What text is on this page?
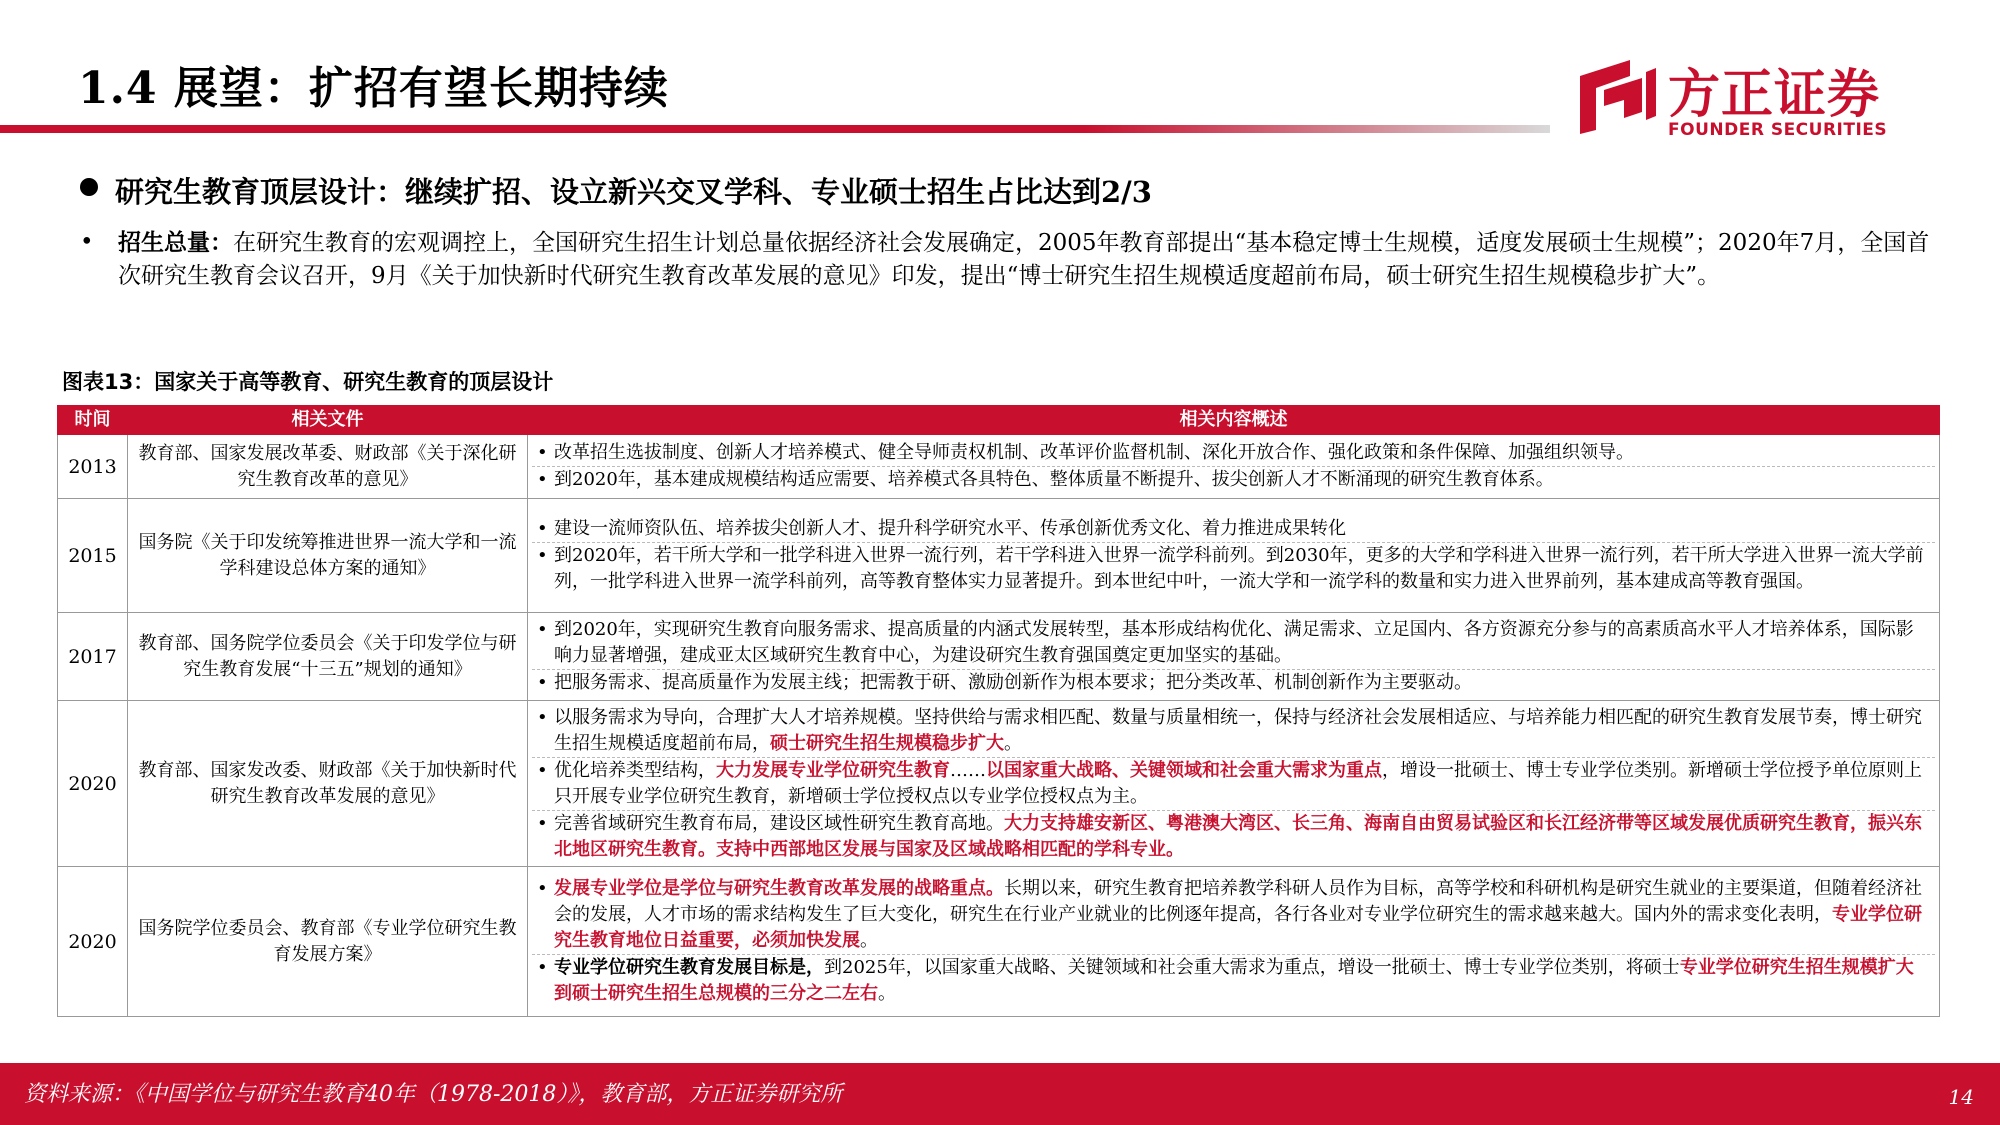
1.4 展望：扩招有望长期持续	方正证券
FOUNDER SECURITIES
研究生教育顶层设计：继续扩招、设立新兴交叉学科、专业硕士招生占比达到2/3
• 招生总量：在研究生教育的宏观调控上，全国研究生招生计划总量依据经济社会发展确定，2005年教育部提出“基本稳定博士生规模，适度发展硕士生规模”；2020年7月，全国首次研究生教育会议召开，9月《关于加快新时代研究生教育改革发展的意见》印发，提出“博士研究生招生规模适度超前布局，硕士研究生招生规模稳步扩大”。
图表13：国家关于高等教育、研究生教育的顶层设计
时间	相关文件	相关内容概述
2013	教育部、国家发展改革委、财政部《关于深化研究生教育改革的意见》	• 改革招生选拔制度、创新人才培养模式、健全导师责权机制、改革评价监督机制、深化开放合作、强化政策和条件保障、加强组织领导。
• 到2020年，基本建成规模结构适应需要、培养模式各具特色、整体质量不断提升、拔尖创新人才不断涌现的研究生教育体系。

2015	国务院《关于印发统筹推进世界一流大学和一流学科建设总体方案的通知》	• 建设一流师资队伍、培养拔尖创新人才、提升科学研究水平、传承创新优秀文化、着力推进成果转化
• 到2020年，若干所大学和一批学科进入世界一流行列，若干学科进入世界一流学科前列。到2030年，更多的大学和学科进入世界一流行列，若干所大学进入世界一流大学前列，一批学科进入世界一流学科前列，高等教育整体实力显著提升。到本世纪中叶，一流大学和一流学科的数量和实力进入世界前列，基本建成高等教育强国。

2017	教育部、国务院学位委员会《关于印发学位与研究生教育发展“十三五”规划的通知》	• 到2020年，实现研究生教育向服务需求、提高质量的内涵式发展转型，基本形成结构优化、满足需求、立足国内、各方资源充分参与的高素质高水平人才培养体系，国际影响力显著增强，建成亚太区域研究生教育中心，为建设研究生教育强国奠定更加坚实的基础。
• 把服务需求、提高质量作为发展主线；把需教于研、激励创新作为根本要求；把分类改革、机制创新作为主要驱动。

2020	教育部、国家发改委、财政部《关于加快新时代研究生教育改革发展的意见》	• 以服务需求为导向，合理扩大人才培养规模。坚持供给与需求相匹配、数量与质量相统一，保持与经济社会发展相适应、与培养能力相匹配的研究生教育发展节奏，博士研究生招生规模适度超前布局，硕士研究生招生规模稳步扩大。
• 优化培养类型结构，大力发展专业学位研究生教育……以国家重大战略、关键领域和社会重大需求为重点，增设一批硕士、博士专业学位类别。新增硕士学位授予单位原则上只开展专业学位研究生教育，新增硕士学位授权点以专业学位授权点为主。
• 完善省域研究生教育布局，建设区域性研究生教育高地。大力支持雄安新区、粤港澳大湾区、长三角、海南自由贸易试验区和长江经济带等区域发展优质研究生教育，振兴东北地区研究生教育。支持中西部地区发展与国家及区域战略相匹配的学科专业。

2020	国务院学位委员会、教育部《专业学位研究生教育发展方案》	• 发展专业学位是学位与研究生教育改革发展的战略重点。长期以来，研究生教育把培养教学科研人员作为目标，高等学校和科研机构是研究生就业的主要渠道，但随着经济社会的发展，人才市场的需求结构发生了巨大变化，研究生在行业产业就业的比例逐年提高，各行各业对专业学位研究生的需求越来越大。国内外的需求变化表明，专业学位研究生教育地位日益重要，必须加快发展。
• 专业学位研究生教育发展目标是，到2025年，以国家重大战略、关键领域和社会重大需求为重点，增设一批硕士、博士专业学位类别，将硕士专业学位研究生招生规模扩大到硕士研究生招生总规模的三分之二左右。
资料来源：《中国学位与研究生教育40年（1978-2018）》，教育部，方正证券研究所	14
